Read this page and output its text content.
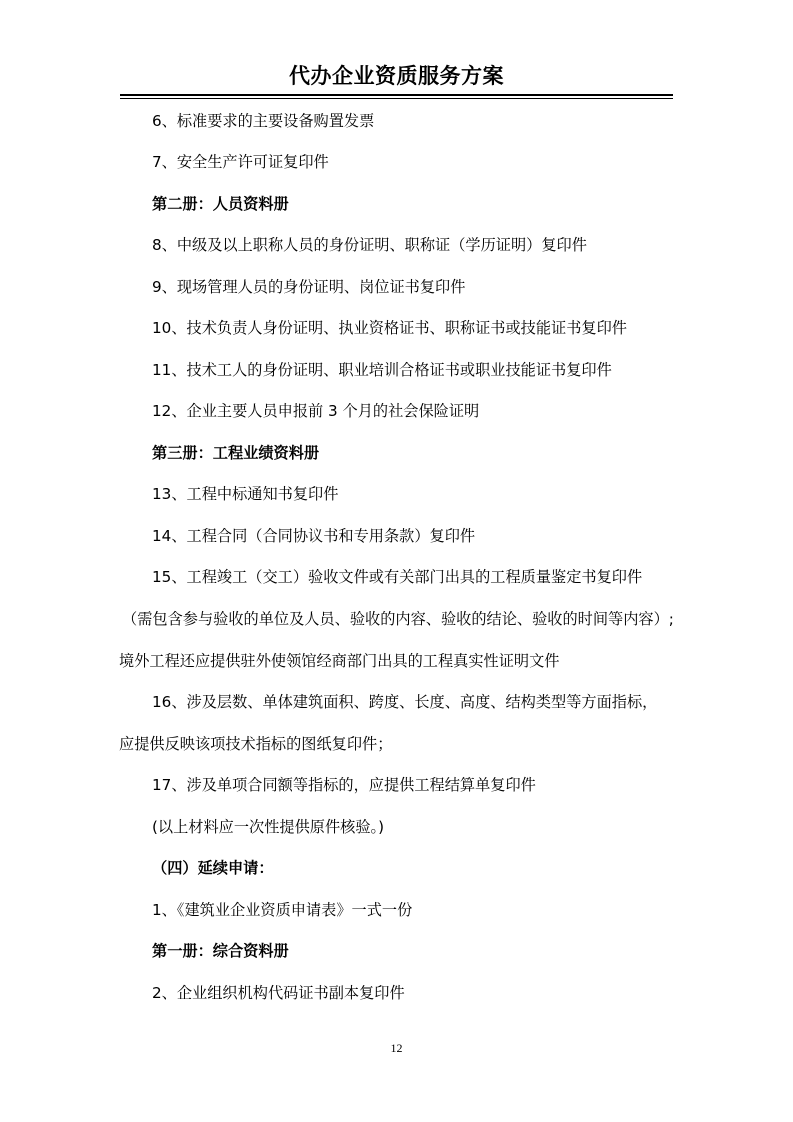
代办企业资质服务方案
6、标准要求的主要设备购置发票
7、安全生产许可证复印件
第二册：人员资料册
8、中级及以上职称人员的身份证明、职称证（学历证明）复印件
9、现场管理人员的身份证明、岗位证书复印件
10、技术负责人身份证明、执业资格证书、职称证书或技能证书复印件
11、技术工人的身份证明、职业培训合格证书或职业技能证书复印件
12、企业主要人员申报前 3 个月的社会保险证明
第三册：工程业绩资料册
13、工程中标通知书复印件
14、工程合同（合同协议书和专用条款）复印件
15、工程竣工（交工）验收文件或有关部门出具的工程质量鉴定书复印件
（需包含参与验收的单位及人员、验收的内容、验收的结论、验收的时间等内容）;
境外工程还应提供驻外使领馆经商部门出具的工程真实性证明文件
16、涉及层数、单体建筑面积、跨度、长度、高度、结构类型等方面指标，
应提供反映该项技术指标的图纸复印件；
17、涉及单项合同额等指标的，应提供工程结算单复印件
(以上材料应一次性提供原件核验。)
（四）延续申请：
1、《建筑业企业资质申请表》一式一份
第一册：综合资料册
2、企业组织机构代码证书副本复印件
12
